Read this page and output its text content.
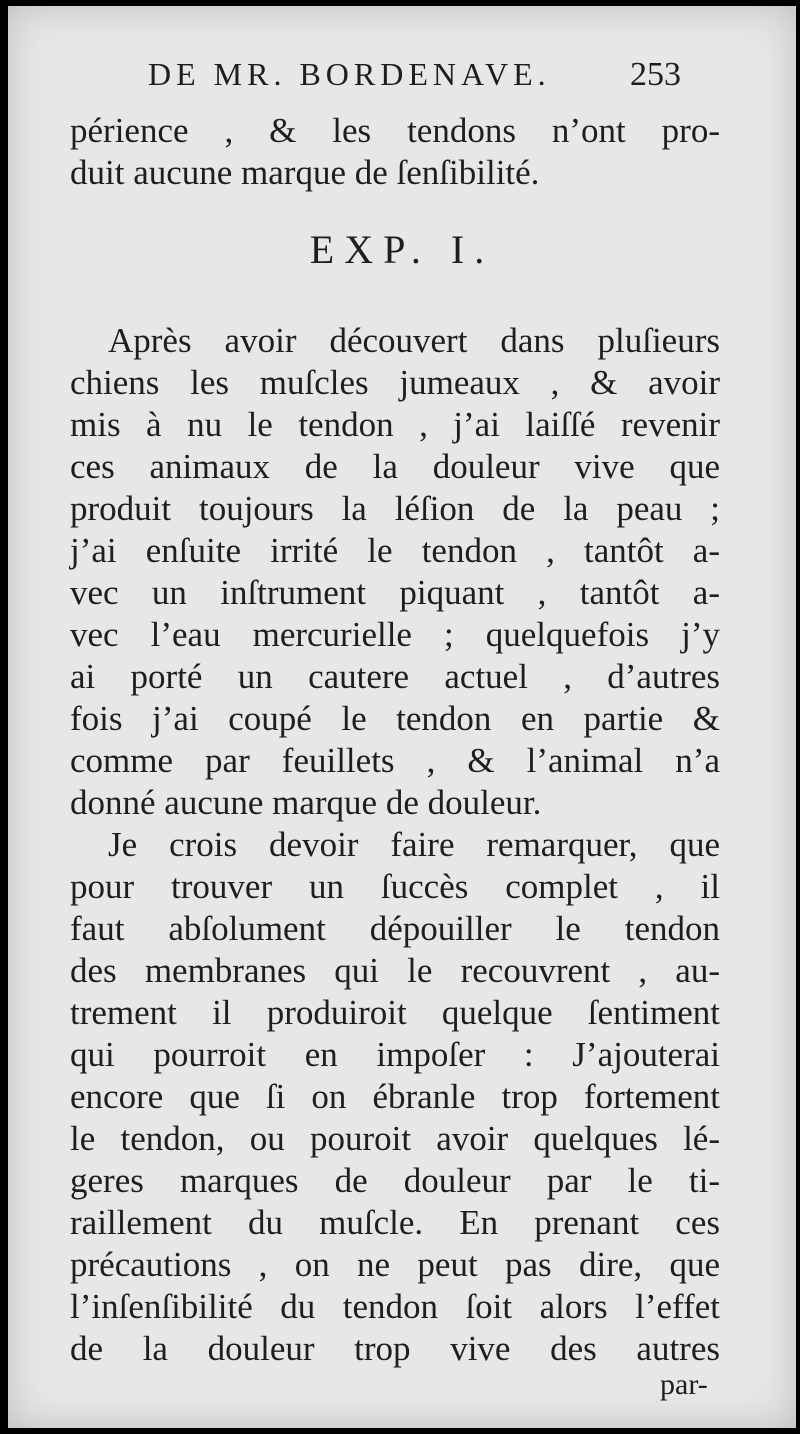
DE MR. BORDENAVE. 253
périence , & les tendons n’ont pro-
duit aucune marque de ſenſibilité.
EXP. I.
Après avoir découvert dans pluſieurs
chiens les muſcles jumeaux , & avoir
mis à nu le tendon , j’ai laiſſé revenir
ces animaux de la douleur vive que
produit toujours la léſion de la peau ;
j’ai enſuite irrité le tendon , tantôt a-
vec un inſtrument piquant , tantôt a-
vec l’eau mercurielle ; quelquefois j’y
ai porté un cautere actuel , d’autres
fois j’ai coupé le tendon en partie &
comme par feuillets , & l’animal n’a
donné aucune marque de douleur.
Je crois devoir faire remarquer, que
pour trouver un ſuccès complet , il
faut abſolument dépouiller le tendon
des membranes qui le recouvrent , au-
trement il produiroit quelque ſentiment
qui pourroit en impoſer : J’ajouterai
encore que ſi on ébranle trop fortement
le tendon, ou pouroit avoir quelques lé-
geres marques de douleur par le ti-
raillement du muſcle. En prenant ces
précautions , on ne peut pas dire, que
l’inſenſibilité du tendon ſoit alors l’effet
de la douleur trop vive des autres
par-
